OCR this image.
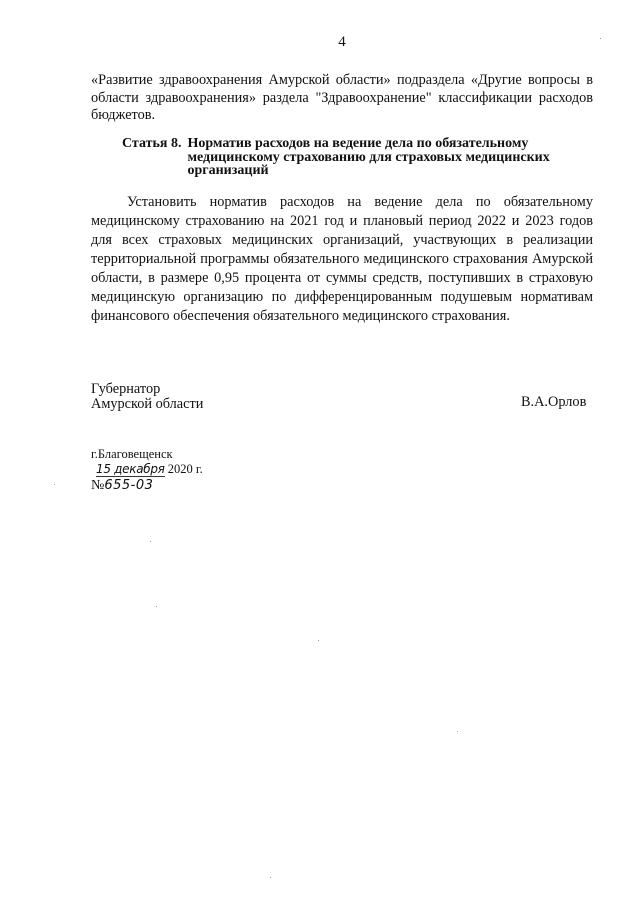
4
«Развитие здравоохранения Амурской области» подраздела «Другие вопросы в области здравоохранения» раздела "Здравоохранение" классификации расходов бюджетов.
Статья 8. Норматив расходов на ведение дела по обязательному медицинскому страхованию для страховых медицинских организаций
Установить норматив расходов на ведение дела по обязательному медицинскому страхованию на 2021 год и плановый период 2022 и 2023 годов для всех страховых медицинских организаций, участвующих в реализации территориальной программы обязательного медицинского страхования Амурской области, в размере 0,95 процента от суммы средств, поступивших в страховую медицинскую организацию по дифференцированным подушевым нормативам финансового обеспечения обязательного медицинского страхования.
Губернатор
Амурской области	В.А.Орлов
г.Благовещенск
15 декабря 2020 г.
№655-03
